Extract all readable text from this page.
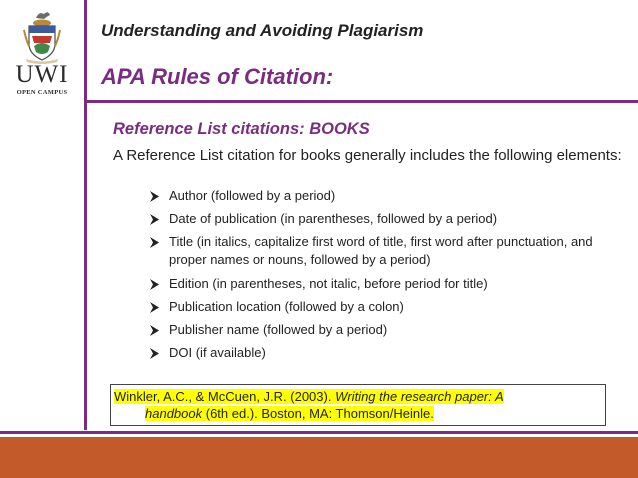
UWI
OPEN CAMPUS
Understanding and Avoiding Plagiarism
APA Rules of Citation:
Reference List citations: BOOKS
A Reference List citation for books generally includes the following elements:
Author (followed by a period)
Date of publication (in parentheses, followed by a period)
Title (in italics, capitalize first word of title, first word after punctuation, and proper names or nouns, followed by a period)
Edition (in parentheses, not italic, before period for title)
Publication location (followed by a colon)
Publisher name (followed by a period)
DOI (if available)
Winkler, A.C., & McCuen, J.R. (2003). Writing the research paper: A
handbook (6th ed.). Boston, MA: Thomson/Heinle.
